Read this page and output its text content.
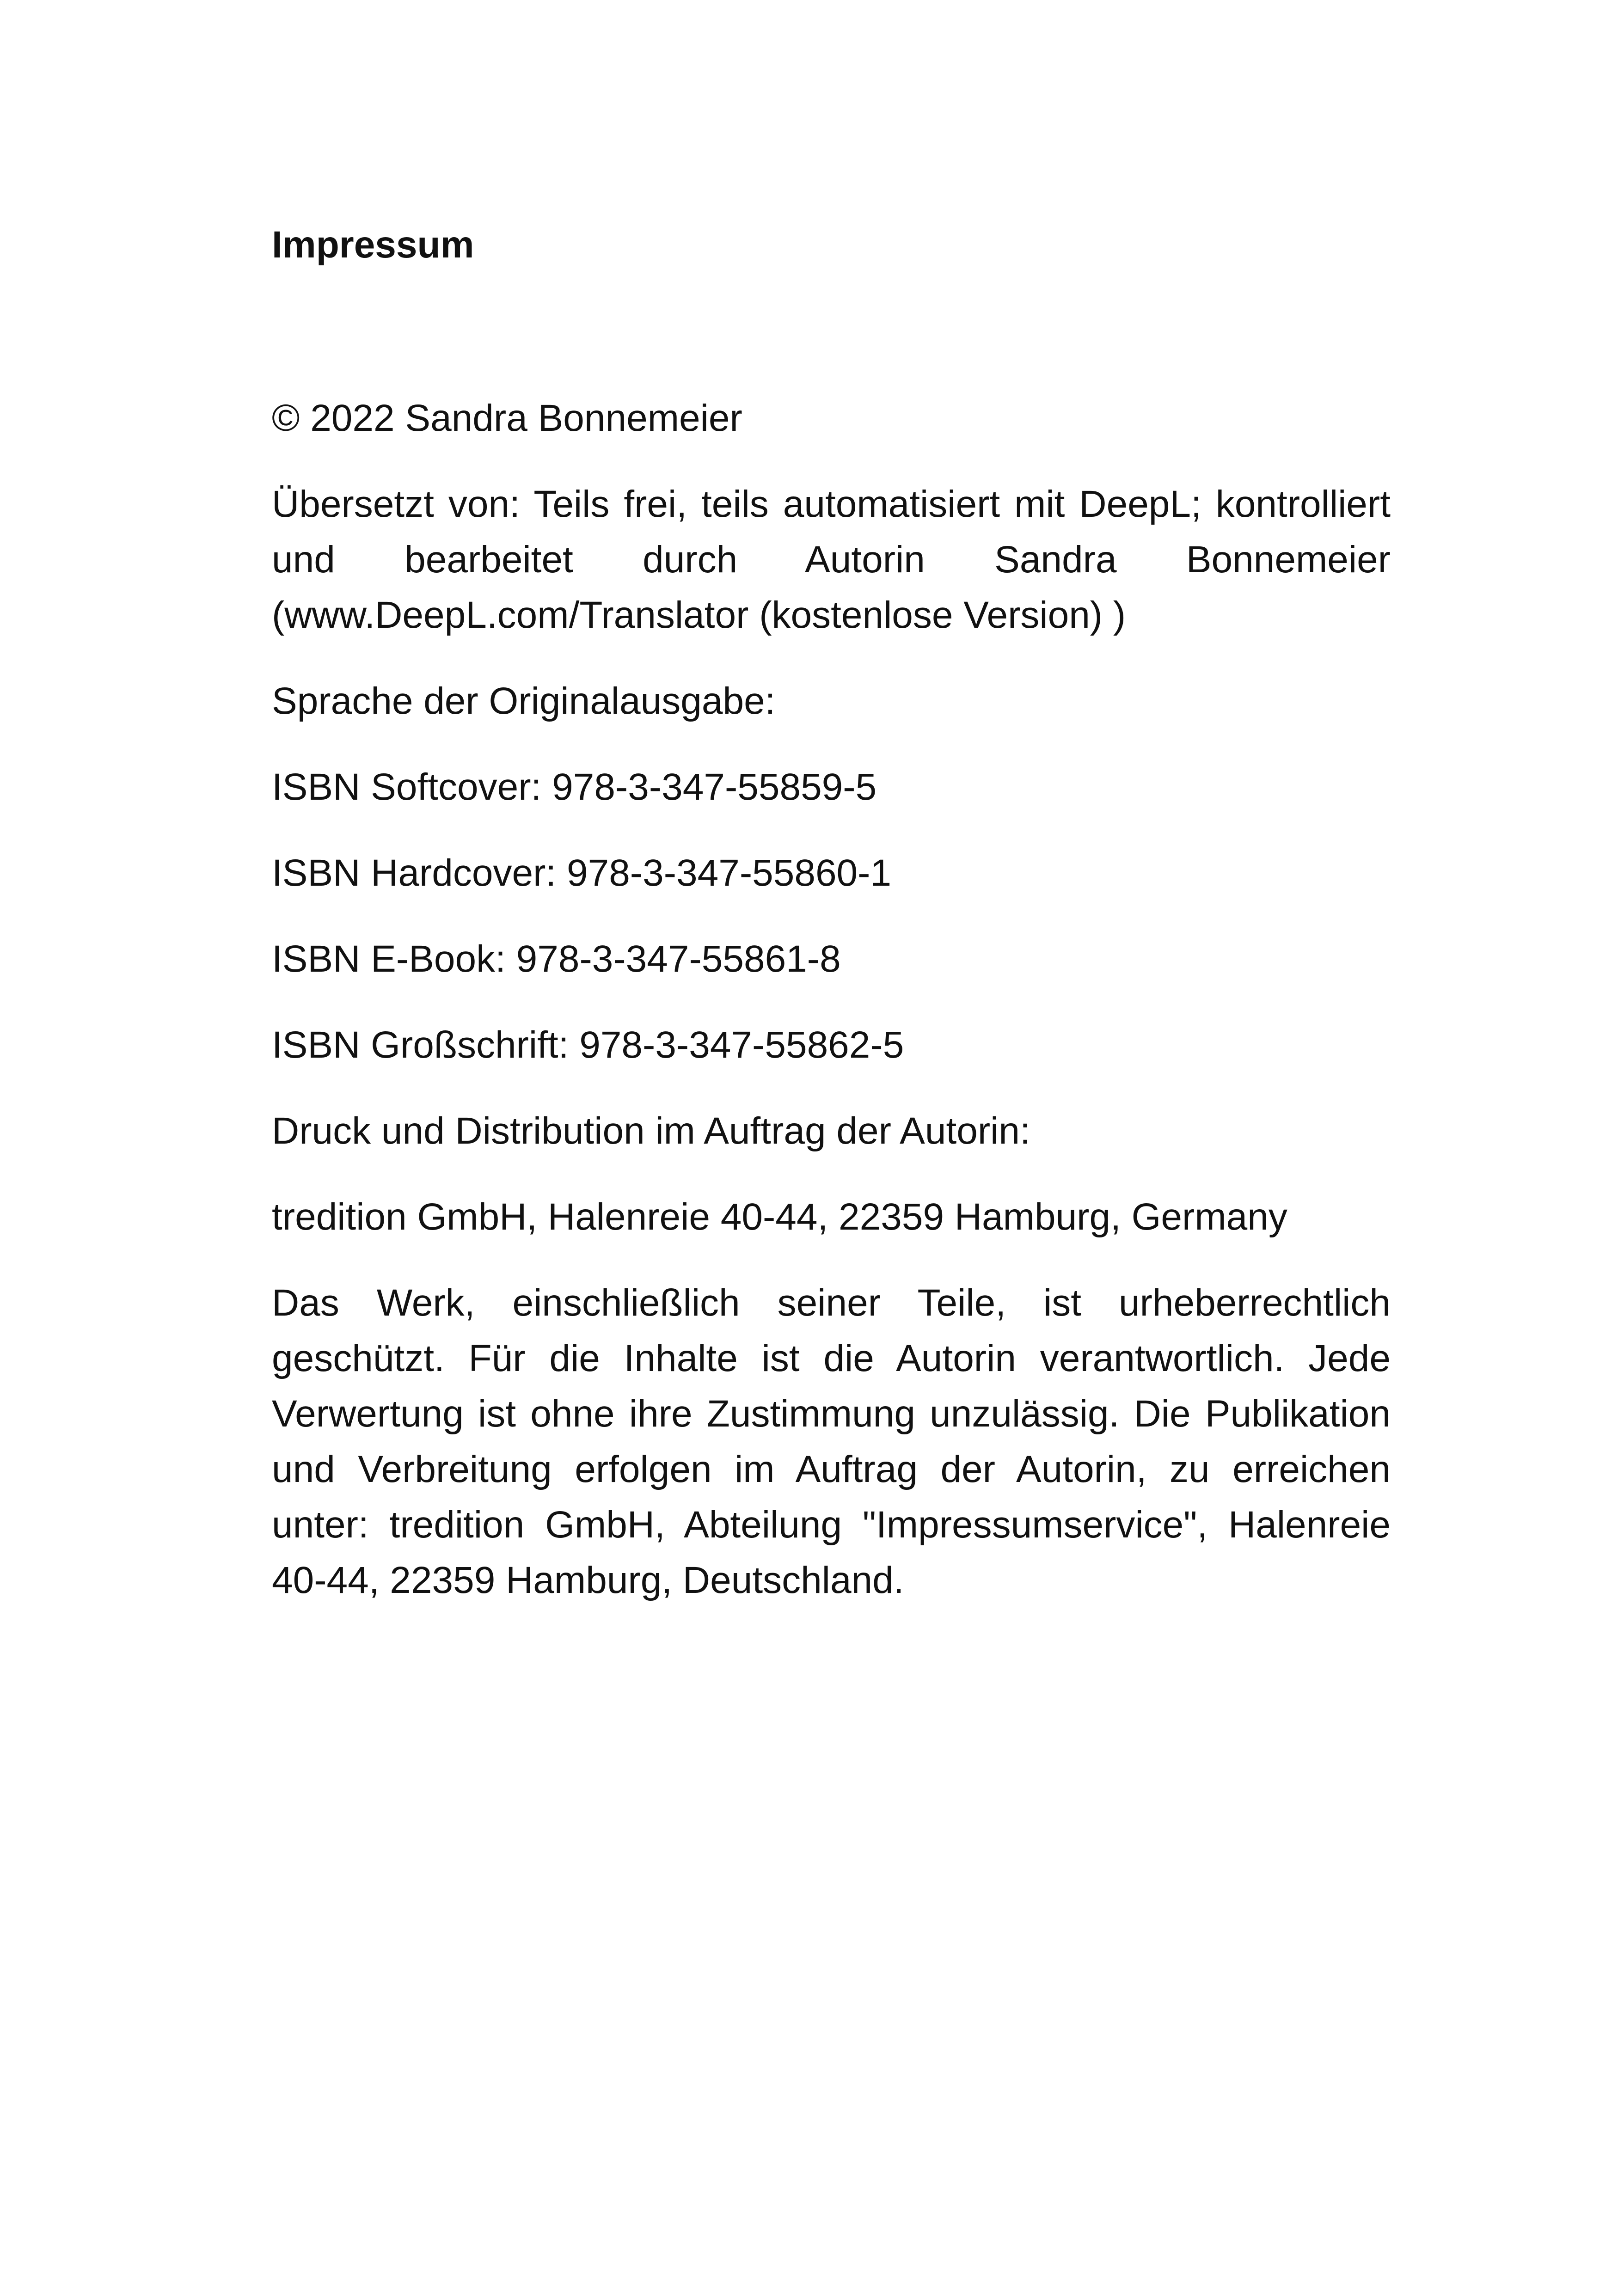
Impressum

© 2022 Sandra Bonnemeier

Übersetzt von: Teils frei, teils automatisiert mit DeepL; kontrolliert und bearbeitet durch Autorin Sandra Bonnemeier (www.DeepL.com/Translator (kostenlose Version) )

Sprache der Originalausgabe:

ISBN Softcover: 978-3-347-55859-5

ISBN Hardcover: 978-3-347-55860-1

ISBN E-Book: 978-3-347-55861-8

ISBN Großschrift: 978-3-347-55862-5

Druck und Distribution im Auftrag der Autorin:

tredition GmbH, Halenreie 40-44, 22359 Hamburg, Germany

Das Werk, einschließlich seiner Teile, ist urheberrechtlich geschützt. Für die Inhalte ist die Autorin verantwortlich. Jede Verwertung ist ohne ihre Zustimmung unzulässig. Die Publikation und Verbreitung erfolgen im Auftrag der Autorin, zu erreichen unter: tredition GmbH, Abteilung "Impressumservice", Halenreie 40-44, 22359 Hamburg, Deutschland.
